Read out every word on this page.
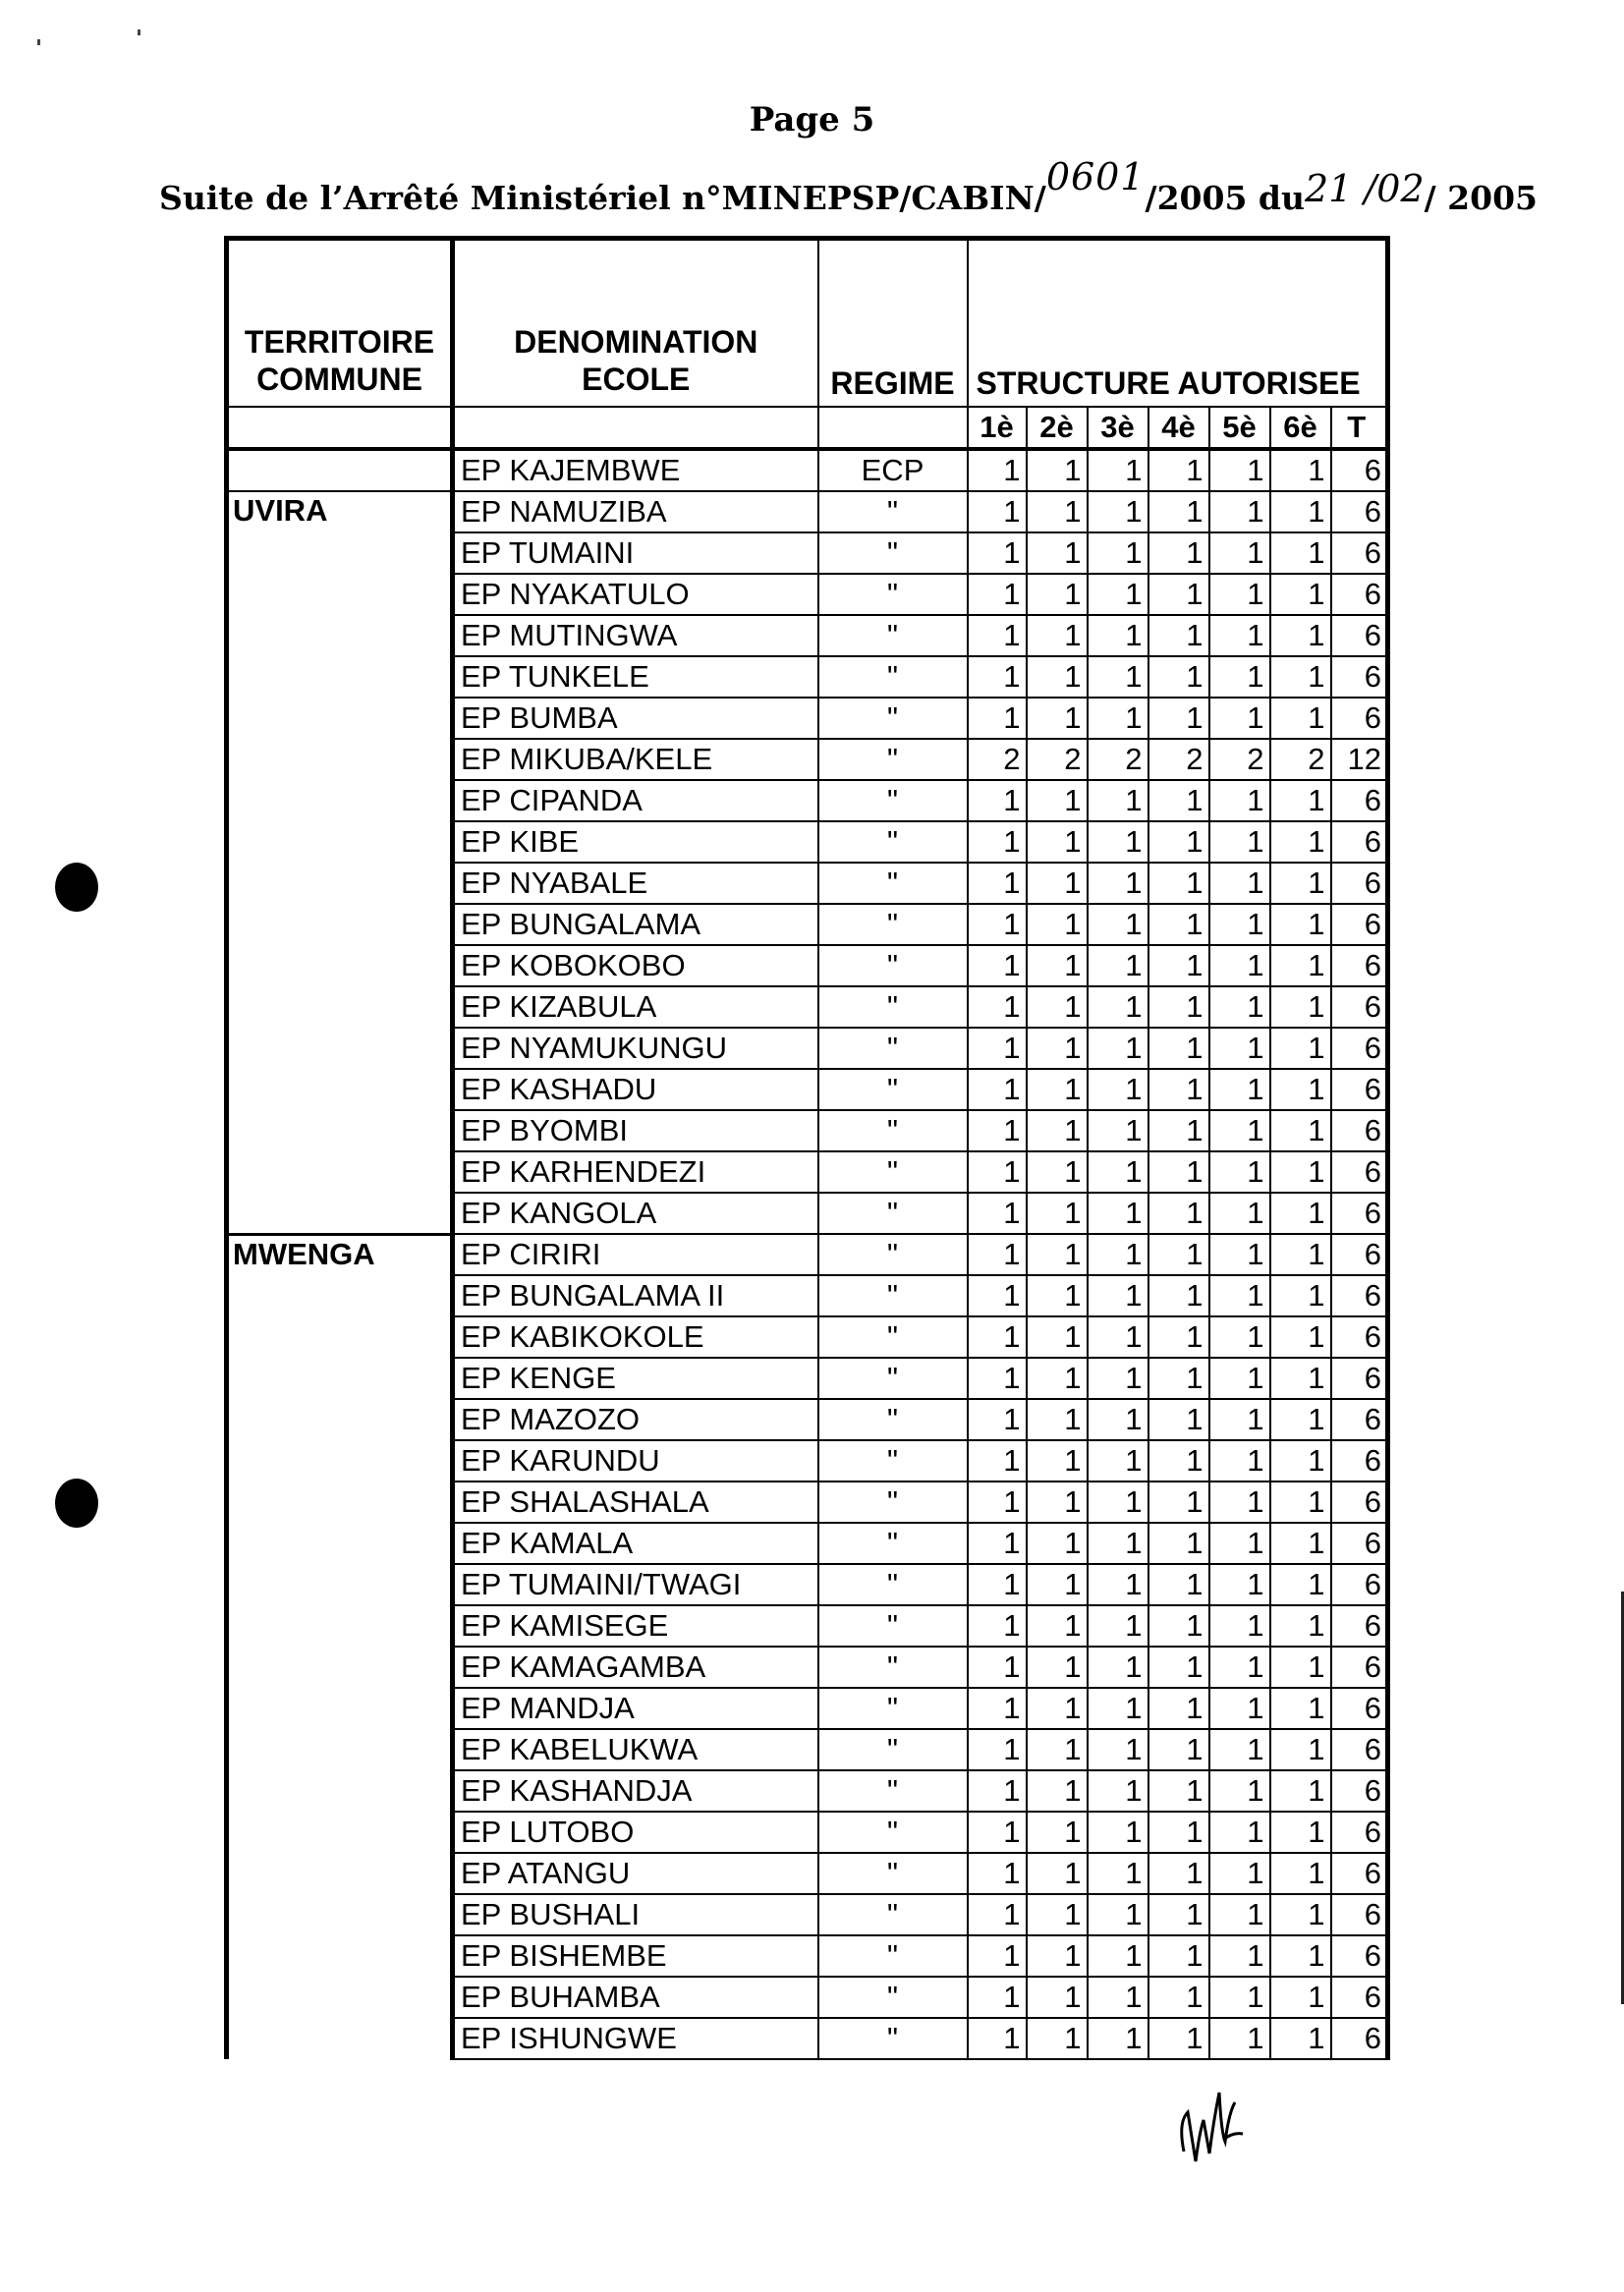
Page 5
Suite de l’Arrêté Ministériel n°MINEPSP/CABIN/0601/2005 du21 /02/ 2005
TERRITOIRE COMMUNE	DENOMINATION ECOLE	REGIME	STRUCTURE AUTORISEE						
			1è	2è	3è	4è	5è	6è	T
	EP KAJEMBWE	ECP	1	1	1	1	1	1	6
UVIRA	EP NAMUZIBA	"	1	1	1	1	1	1	6
	EP TUMAINI	"	1	1	1	1	1	1	6
	EP NYAKATULO	"	1	1	1	1	1	1	6
	EP MUTINGWA	"	1	1	1	1	1	1	6
	EP TUNKELE	"	1	1	1	1	1	1	6
	EP BUMBA	"	1	1	1	1	1	1	6
	EP MIKUBA/KELE	"	2	2	2	2	2	2	12
	EP CIPANDA	"	1	1	1	1	1	1	6
	EP KIBE	"	1	1	1	1	1	1	6
	EP NYABALE	"	1	1	1	1	1	1	6
	EP BUNGALAMA	"	1	1	1	1	1	1	6
	EP KOBOKOBO	"	1	1	1	1	1	1	6
	EP KIZABULA	"	1	1	1	1	1	1	6
	EP NYAMUKUNGU	"	1	1	1	1	1	1	6
	EP KASHADU	"	1	1	1	1	1	1	6
	EP BYOMBI	"	1	1	1	1	1	1	6
	EP KARHENDEZI	"	1	1	1	1	1	1	6
	EP KANGOLA	"	1	1	1	1	1	1	6
MWENGA	EP CIRIRI	"	1	1	1	1	1	1	6
	EP BUNGALAMA II	"	1	1	1	1	1	1	6
	EP KABIKOKOLE	"	1	1	1	1	1	1	6
	EP KENGE	"	1	1	1	1	1	1	6
	EP MAZOZO	"	1	1	1	1	1	1	6
	EP KARUNDU	"	1	1	1	1	1	1	6
	EP SHALASHALA	"	1	1	1	1	1	1	6
	EP KAMALA	"	1	1	1	1	1	1	6
	EP TUMAINI/TWAGI	"	1	1	1	1	1	1	6
	EP KAMISEGE	"	1	1	1	1	1	1	6
	EP KAMAGAMBA	"	1	1	1	1	1	1	6
	EP MANDJA	"	1	1	1	1	1	1	6
	EP KABELUKWA	"	1	1	1	1	1	1	6
	EP KASHANDJA	"	1	1	1	1	1	1	6
	EP LUTOBO	"	1	1	1	1	1	1	6
	EP ATANGU	"	1	1	1	1	1	1	6
	EP BUSHALI	"	1	1	1	1	1	1	6
	EP BISHEMBE	"	1	1	1	1	1	1	6
	EP BUHAMBA	"	1	1	1	1	1	1	6
	EP ISHUNGWE	"	1	1	1	1	1	1	6
